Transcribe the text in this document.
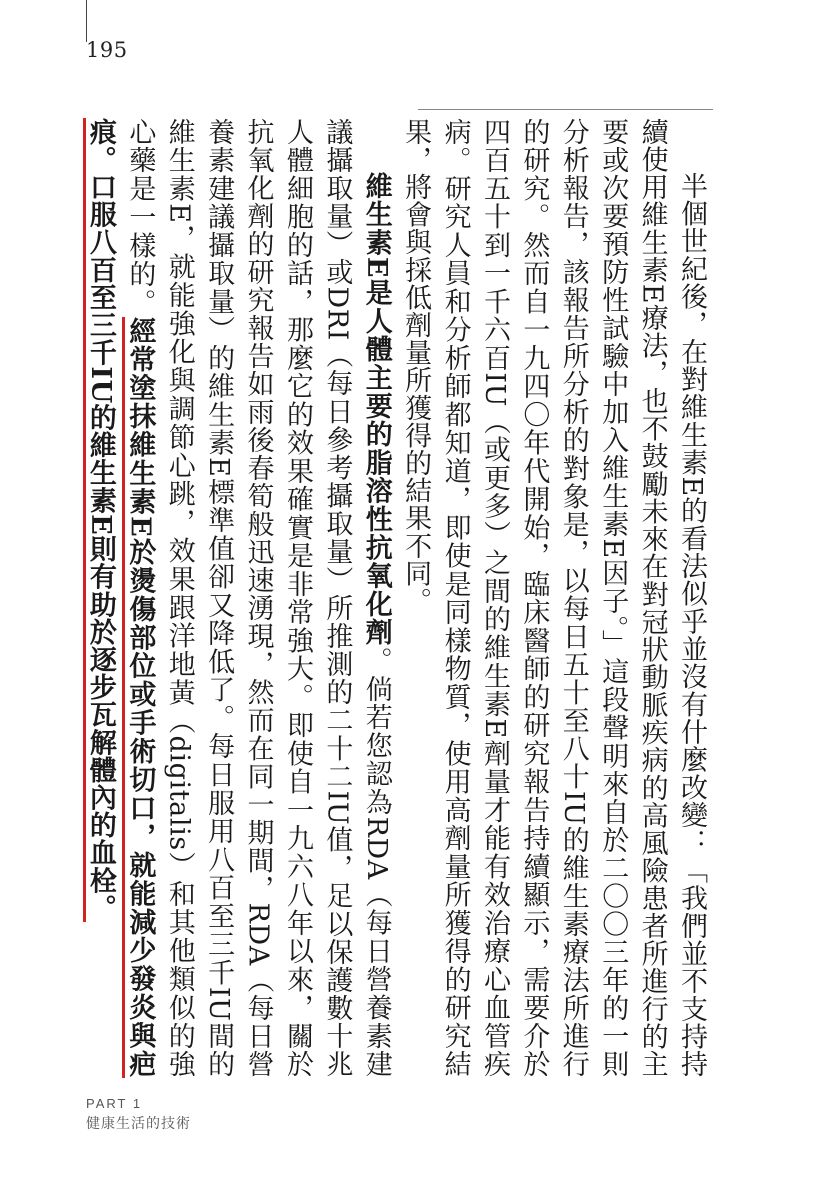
195

半個世紀後，在對維生素E的看法似乎並沒有什麼改變：「我們並不支持持續使用維生素E療法，也不鼓勵未來在對冠狀動脈疾病的高風險患者所進行的主要或次要預防性試驗中加入維生素E因子。」這段聲明來自於二〇〇三年的一則分析報告，該報告所分析的對象是，以每日五十至八十IU的維生素療法所進行的研究。然而自一九四〇年代開始，臨床醫師的研究報告持續顯示，需要介於四百五十到一千六百IU（或更多）之間的維生素E劑量才能有效治療心血管疾病。研究人員和分析師都知道，即使是同樣物質，使用高劑量所獲得的研究結果，將會與採低劑量所獲得的結果不同。

維生素E是人體主要的脂溶性抗氧化劑。倘若您認為RDA（每日營養素建議攝取量）或DRI（每日參考攝取量）所推測的二十二IU值，足以保護數十兆人體細胞的話，那麼它的效果確實是非常強大。即使自一九六八年以來，關於抗氧化劑的研究報告如雨後春筍般迅速湧現，然而在同一期間，RDA（每日營養素建議攝取量）的維生素E標準值卻又降低了。每日服用八百至三千IU間的維生素E，就能強化與調節心跳，效果跟洋地黃（digitalis）和其他類似的強心藥是一樣的。經常塗抹維生素E於燙傷部位或手術切口，就能減少發炎與疤痕。口服八百至三千IU的維生素E則有助於逐步瓦解體內的血栓。

PART 1
健康生活的技術
